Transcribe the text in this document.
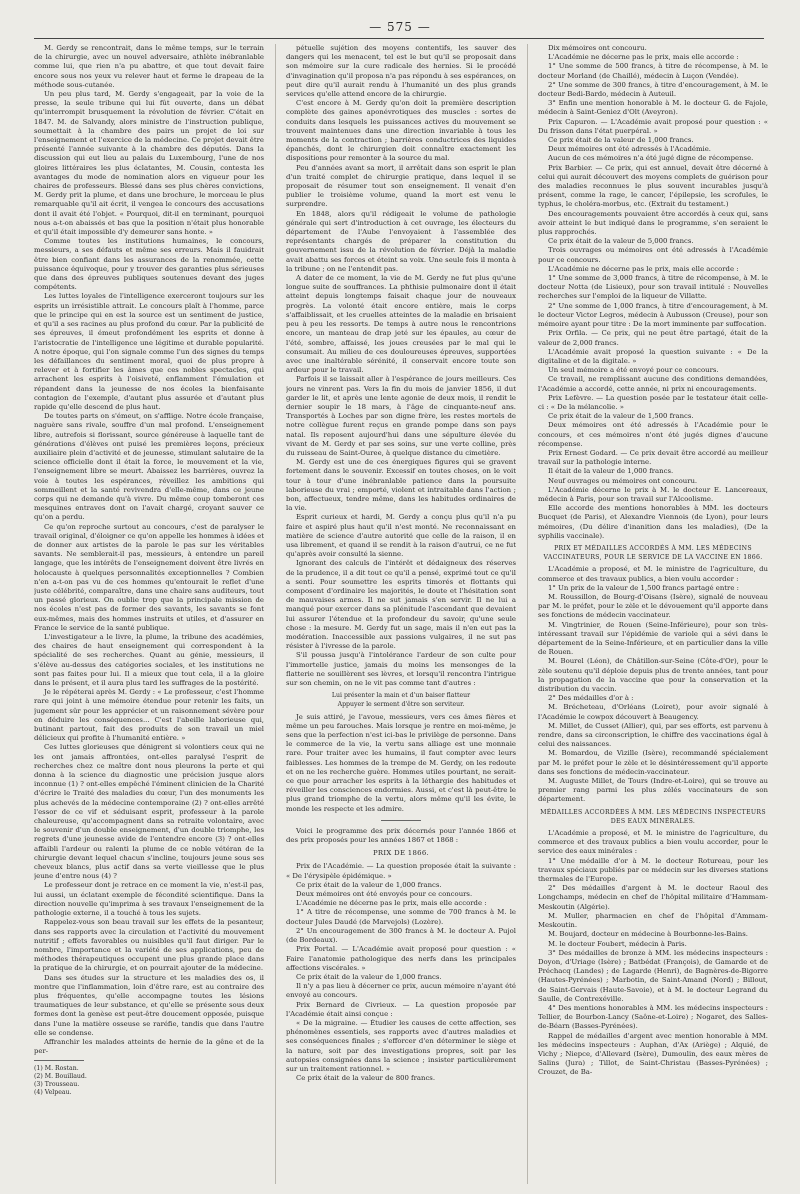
— 575 —

M. Gerdy se rencontrait, dans le même temps, sur le terrain de la chirurgie, avec un nouvel adversaire, athlète inébranlable comme lui, que rien n'a pu abattre, et que tout devait faire encore sous nos yeux vu relever haut et ferme le drapeau de la méthode sous-cutanée.

Un peu plus tard, M. Gerdy s'engageait, par la voie de la presse, la seule tribune qui lui fût ouverte, dans un débat qu'interrompit brusquement la révolution de février. C'était en 1847. M. de Salvandy, alors ministre de l'instruction publique, soumettait à la chambre des pairs un projet de loi sur l'enseignement et l'exercice de la médecine. Ce projet devait être présenté l'année suivante à la chambre des députés. Dans la discussion qui eut lieu au palais du Luxembourg, l'une de nos gloires littéraires les plus éclatantes, M. Cousin, contesta les avantages du mode de nomination alors en vigueur pour les chaires de professeurs. Blessé dans ses plus chères convictions, M. Gerdy prit la plume, et dans une brochure, le morceau le plus remarquable qu'il ait écrit, il vengea le concours des accusations dont il avait été l'objet. « Pourquoi, dit-il en terminant, pourquoi nous a-t-on abaissés et bas que la position n'était plus honorable et qu'il était impossible d'y demeurer sans honte. »

Comme toutes les institutions humaines, le concours, messieurs, a ses défauts et même ses erreurs. Mais il fauidrait être bien confiant dans les assurances de la renommée, cette puissance équivoque, pour y trouver des garanties plus sérieuses que dans des épreuves publiques soutenues devant des juges compétents.

Les luttes loyales de l'intelligence exerceront toujours sur les esprits un irrésistible attrait. Le concours plaît à l'homme, parce que le principe qui en est la source est un sentiment de justice, et qu'il a ses racines au plus profond du cœur. Par la publicité de ses épreuves, il émeut profondément les esprits et donne à l'aristocratie de l'intelligence une légitime et durable popularité. A notre époque, qui l'on signale comme l'un des signes du temps les défaillances du sentiment moral, quoi de plus propre à relever et à fortifier les âmes que ces nobles spectacles, qui arrachent les esprits à l'oisiveté, enflamment l'émulation et répandent dans la jeunesse de nos écoles la bienfaisante contagion de l'exemple, d'autant plus assurée et d'autant plus rapide qu'elle descend de plus haut.

De toutes parts on s'émeut, on s'afflige. Notre école française, naguère sans rivale, souffre d'un mal profond. L'enseignement libre, autrefois si florissant, source généreuse à laquelle tant de générations d'élèves ont puisé les premières leçons, précieux auxiliaire plein d'activité et de jeunesse, stimulant salutaire de la science officielle dont il était la force, le mouvement et la vie, l'enseignement libre se meurt. Abaissez les barrières, ouvrez la voie à toutes les espérances, réveillez les ambitions qui sommeillent et la santé revivendra d'elle-même, dans ce jeune corps qui ne demande qu'à vivre. Du même coup tomberont ces mesquines entraves dont on l'avait chargé, croyant sauver ce qu'on a perdu.

Ce qu'on reproche surtout au concours, c'est de paralyser le travail original, d'éloigner ce qu'on appelle les hommes à idées et de donner aux artistes de la parole le pas sur les véritables savants. Ne semblerait-il pas, messieurs, à entendre un pareil langage, que les intérêts de l'enseignement doivent être livrés en holocauste à quelques personnalités exceptionnelles ? Combien n'en a-t-on pas vu de ces hommes qu'entourait le reflet d'une juste célébrité, comparaître, dans une chaire sans auditeurs, tout un passé glorieux. On oublie trop que la principale mission de nos écoles n'est pas de former des savants, les savants se font eux-mêmes, mais des hommes instruits et utiles, et d'assurer en France le service de la santé publique.

L'investigateur a le livre, la plume, la tribune des académies, des chaires de haut enseignement qui correspondent à la spécialité de ses recherches. Quant au génie, messieurs, il s'élève au-dessus des catégories sociales, et les institutions ne sont pas faites pour lui. Il a mieux que tout cela, il a la gloire dans le présent, et il aura plus tard les suffrages de la postérité.

Je le répéterai après M. Gerdy : « Le professeur, c'est l'homme rare qui joint à une mémoire étendue pour retenir les faits, un jugement sûr pour les apprécier et un raisonnement sévère pour en déduire les conséquences... C'est l'abeille laborieuse qui, butinant partout, fait des produits de son travail un miel délicieux qui profite à l'humanité entière. »

Ces luttes glorieuses que dénigrent si volontiers ceux qui ne les ont jamais affrontées, ont-elles paralysé l'esprit de recherches chez ce maître dont nous pleurons la perte et qui donna à la science du diagnostic une précision jusque alors inconnue (1) ? ont-elles empêché l'éminent clinicien de la Charité d'écrire le Traité des maladies du cœur, l'un des monuments les plus achevés de la médecine contemporaine (2) ? ont-elles arrêté l'essor de ce vif et séduisant esprit, professeur à la parole chaleureuse, qu'accompagnent dans sa retraite volontaire, avec le souvenir d'un double enseignement, d'un double triomphe, les regrets d'une jeunesse avide de l'entendre encore (3) ? ont-elles affaibli l'ardeur ou ralenti la plume de ce noble vétéran de la chirurgie devant lequel chacun s'incline, toujours jeune sous ses cheveux blancs, plus actif dans sa verte vieillesse que le plus jeune d'entre nous (4) ?

Le professeur dont je retrace en ce moment la vie, n'est-il pas, lui aussi, un éclatant exemple de fécondité scientifique. Dans la direction nouvelle qu'imprima à ses travaux l'enseignement de la pathologie externe, il a touché à tous les sujets.

Rappelez-vous son beau travail sur les effets de la pesanteur, dans ses rapports avec la circulation et l'activité du mouvement nutritif ; effets favorables ou nuisibles qu'il faut diriger. Par le nombre, l'importance et la variété de ses applications, peu de méthodes thérapeutiques occupent une plus grande place dans la pratique de la chirurgie, et on pourrait ajouter de la médecine.

Dans ses études sur la structure et les maladies des os, il montre que l'inflammation, loin d'être rare, est au contraire des plus fréquentes, qu'elle accompagne toutes les lésions traumatiques de leur substance, et qu'elle se présente sous deux formes dont la genèse est peut-être doucement opposée, puisque dans l'une la matière osseuse se raréfie, tandis que dans l'autre elle se condense.

Affranchir les malades atteints de hernie de la gêne et de la per-

(1) M. Rostan.
(2) M. Bouillaud.
(3) Trousseau.
(4) Velpeau.

pétuelle sujétion des moyens contentifs, les sauver des dangers qui les menacent, tel est le but qu'il se proposait dans son mémoire sur la cure radicale des hernies. Si le procédé d'invagination qu'il proposa n'a pas répondu à ses espérances, on peut dire qu'il aurait rendu à l'humanité un des plus grands services qu'elle attend encore de la chirurgie.

C'est encore à M. Gerdy qu'on doit la première description complète des gaines aponévrotiques des muscles : sortes de conduits dans lesquels les puissances actives du mouvement se trouvent maintenues dans une direction invariable à tous les moments de la contraction ; barrières conductrices des liquides épanchés, dont le chirurgien doit connaître exactement les dispositions pour remonter à la source du mal.

Peu d'années avant sa mort, il arrêtait dans son esprit le plan d'un traité complet de chirurgie pratique, dans lequel il se proposait de résumer tout son enseignement. Il venait d'en publier le troisième volume, quand la mort est venu le surprendre.

En 1848, alors qu'il rédigeait le volume de pathologie générale qui sert d'introduction à cet ouvrage, les électeurs du département de l'Aube l'envoyaient à l'assemblée des représentants chargés de préparer la constitution du gouvernement issu de la révolution de février. Déjà la maladie avait abattu ses forces et éteint sa voix. Une seule fois il monta à la tribune ; on ne l'entendit pas.

A dater de ce moment, la vie de M. Gerdy ne fut plus qu'une longue suite de souffrances. La phthisie pulmonaire dont il était atteint depuis longtemps faisait chaque jour de nouveaux progrès. La volonté était encore entière, mais le corps s'affaiblissait, et les cruelles atteintes de la maladie en brisaient peu à peu les ressorts. De temps à autre nous le rencontrions encore, un manteau de drap jeté sur les épaules, au cœur de l'été, sombre, affaissé, les joues creusées par le mal qui le consumait. Au milieu de ces douloureuses épreuves, supportées avec une inaltérable sérénité, il conservait encore toute son ardeur pour le travail.

Parfois il se laissait aller à l'espérance de jours meilleurs. Ces jours ne vinrent pas. Vers la fin du mois de janvier 1856, il dut garder le lit, et après une lente agonie de deux mois, il rendit le dernier soupir le 18 mars, à l'âge de cinquante-neuf ans. Transportés à Loches par son digne frère, les restes mortels de notre collègue furent reçus en grande pompe dans son pays natal. Ils reposent aujourd'hui dans une sépulture élevée du vivant de M. Gerdy et par ses soins, sur une verte colline, près du ruisseau de Saint-Ouree, à quelque distance du cimetière.

M. Gerdy est une de ces énergiques figures qui se gravent fortement dans le souvenir. Excessif en toutes choses, on le voit tour à tour d'une inébranlable patience dans la poursuite laborieuse du vrai ; emporté, violent et intraitable dans l'action ; bon, affectueux, tendre même, dans les habitudes ordinaires de la vie.

Esprit curieux et hardi, M. Gerdy a conçu plus qu'il n'a pu faire et aspiré plus haut qu'il n'est monté. Ne reconnaissant en matière de science d'autre autorité que celle de la raison, il en usa librement, et quand il se rendit à la raison d'autrui, ce ne fut qu'après avoir consulté la sienne.

Ignorant des calculs de l'intérêt et dédaigneux des réserves de la prudence, il a dit tout ce qu'il a pensé, exprimé tout ce qu'il a senti. Pour soumettre les esprits timorés et flottants qui composent d'ordinaire les majorités, le doute et l'hésitation sont de mauvaises armes. Il ne sut jamais s'en servir. Il ne lui a manqué pour exercer dans sa plénitude l'ascendant que devaient lui assurer l'étendue et la profondeur du savoir, qu'une seule chose : la mesure. M. Gerdy fut un sage, mais il n'en eut pas la modération. Inaccessible aux passions vulgaires, il ne sut pas résister à l'ivresse de la parole.

S'il poussa jusqu'à l'intolérance l'ardeur de son culte pour l'immortelle justice, jamais du moins les mensonges de la flatterie ne souillèrent ses lèvres, et lorsqu'il rencontra l'intrigue sur son chemin, on ne le vit pas comme tant d'autres :

Lui présenter la main et d'un baiser flatteur

Appuyer le serment d'être son serviteur.

Je suis attiré, je l'avoue, messieurs, vers ces âmes fières et même un peu farouches. Mais lorsque je rentre en moi-même, je sens que la perfection n'est ici-bas le privilège de personne. Dans le commerce de la vie, la vertu sans alliage est une monnaie rare. Pour traiter avec les humains, il faut compter avec leurs faiblesses. Les hommes de la trempe de M. Gerdy, on les redoute et on ne les recherche guère. Hommes utiles pourtant, ne serait-ce que pour arracher les esprits à la léthargie des habitudes et réveiller les consciences endormies. Aussi, et c'est là peut-être le plus grand triomphe de la vertu, alors même qu'il les évite, le monde les respecte et les admire.

Voici le programme des prix décernés pour l'année 1866 et des prix proposés pour les années 1867 et 1868 :

PRIX DE 1866.

Prix de l'Académie. — La question proposée était la suivante : « De l'érysipèle épidémique. »

Ce prix était de la valeur de 1,000 francs.

Deux mémoires ont été envoyés pour ce concours.

L'Académie ne décerne pas le prix, mais elle accorde :

1° A titre de récompense, une somme de 700 francs à M. le docteur Jules Daudé (de Marvejols) (Lozère).

2° Un encouragement de 300 francs à M. le docteur A. Pujol (de Bordeaux).

Prix Portal. — L'Académie avait proposé pour question : « Faire l'anatomie pathologique des nerfs dans les principales affections viscérales. »

Ce prix était de la valeur de 1,000 francs.

Il n'y a pas lieu à décerner ce prix, aucun mémoire n'ayant été envoyé au concours.

Prix Bernard de Civrieux. — La question proposée par l'Académie était ainsi conçue :

« De la migraine. — Étudier les causes de cette affection, ses phénomènes essentiels, ses rapports avec d'autres maladies et ses conséquences finales ; s'efforcer d'en déterminer le siège et la nature, soit par des investigations propres, soit par les autopsies consignées dans la science ; insister particulièrement sur un traitement rationnel. »

Ce prix était de la valeur de 800 francs.

Dix mémoires ont concouru.

L'Académie ne décerne pas le prix, mais elle accorde :

1° Une somme de 500 francs, à titre de récompense, à M. le docteur Morland (de Chaillé), médecin à Luçon (Vendée).

2° Une somme de 300 francs, à titre d'encouragement, à M. le docteur Bedi-Bardo, médecin à Auteuil.

3° Enfin une mention honorable à M. le docteur G. de Fajole, médecin à Saint-Geniez d'Olt (Aveyron).

Prix Capuron. — L'Académie avait proposé pour question : « Du frisson dans l'état puerpéral. »

Ce prix était de la valeur de 1,000 francs.

Deux mémoires ont été adressés à l'Académie.

Aucun de ces mémoires n'a été jugé digne de récompense.

Prix Barbier. — Ce prix, qui est annuel, devait être décerné à celui qui aurait découvert des moyens complets de guérison pour des maladies reconnues le plus souvent incurables jusqu'à présent, comme la rage, le cancer, l'épilepsie, les scrofules, le typhus, le choléra-morbus, etc. (Extrait du testament.)

Des encouragements pouvaient être accordés à ceux qui, sans avoir atteint le but indiqué dans le programme, s'en seraient le plus rapprochés.

Ce prix était de la valeur de 5,000 francs.

Trois ouvrages ou mémoires ont été adressés à l'Académie pour ce concours.

L'Académie ne décerne pas le prix, mais elle accorde :

1° Une somme de 3,000 francs, à titre de récompense, à M. le docteur Notta (de Lisieux), pour son travail intitulé : Nouvelles recherches sur l'emploi de la liqueur de Villatte.

2° Une somme de 1,000 francs, à titre d'encouragement, à M. le docteur Victor Legros, médecin à Aubusson (Creuse), pour son mémoire ayant pour titre : De la mort imminente par suffocation.

Prix Orfila. — Ce prix, qui ne peut être partagé, était de la valeur de 2,000 francs.

L'Académie avait proposé la question suivante : « De la digitaline et de la digitale. »

Un seul mémoire a été envoyé pour ce concours.

Ce travail, ne remplissant aucune des conditions demandées, l'Académie a accordé, cette année, ni prix ni encouragements.

Prix Lefèvre. — La question posée par le testateur était celle-ci : « De la mélancolie. »

Ce prix était de la valeur de 1,500 francs.

Deux mémoires ont été adressés à l'Académie pour le concours, et ces mémoires n'ont été jugés dignes d'aucune récompense.

Prix Ernest Godard. — Ce prix devait être accordé au meilleur travail sur la pathologie interne.

Il était de la valeur de 1,000 francs.

Neuf ouvrages ou mémoires ont concouru.

L'Académie décerne le prix à M. le docteur E. Lancereaux, médecin à Paris, pour son travail sur l'Alcoolisme.

Elle accorde des mentions honorables à MM. les docteurs Bucquet (de Paris), et Alexandre Viennois (de Lyon), pour leurs mémoires, (Du délire d'inanition dans les maladies), (De la syphilis vaccinale).

PRIX ET MÉDAILLES ACCORDÉS À MM. LES MÉDECINS VACCINATEURS, POUR LE SERVICE DE LA VACCINE EN 1866.

L'Académie a proposé, et M. le ministre de l'agriculture, du commerce et des travaux publics, a bien voulu accorder :

1° Un prix de la valeur de 1,500 francs partagé entre :

M. Roussillon, de Bourg-d'Oisans (Isère), signalé de nouveau par M. le préfet, pour le zèle et le dévouement qu'il apporte dans ses fonctions de médecin vaccinateur.

M. Vingtrinier, de Rouen (Seine-Inférieure), pour son très-intéressant travail sur l'épidémie de variole qui a sévi dans le département de la Seine-Inférieure, et en particulier dans la ville de Rouen.

M. Bourel (Léon), de Châtillon-sur-Seine (Côte-d'Or), pour le zèle soutenu qu'il déploie depuis plus de trente années, tant pour la propagation de la vaccine que pour la conservation et la distribution du vaccin.

2° Des médailles d'or à :

M. Brécheteau, d'Orléans (Loiret), pour avoir signalé à l'Académie le cowpox découvert à Beaugency.

M. Millet, de Cusset (Allier), qui, par ses efforts, est parvenu à rendre, dans sa circonscription, le chiffre des vaccinations égal à celui des naissances.

M. Bomardou, de Vizille (Isère), recommandé spécialement par M. le préfet pour le zèle et le désintéressement qu'il apporte dans ses fonctions de médecin-vaccinateur.

M. Auguste Millet, de Tours (Indre-et-Loire), qui se trouve au premier rang parmi les plus zélés vaccinateurs de son département.

MÉDAILLES ACCORDÉES À MM. LES MÉDECINS INSPECTEURS DES EAUX MINÉRALES.

L'Académie a proposé, et M. le ministre de l'agriculture, du commerce et des travaux publics a bien voulu accorder, pour le service des eaux minérales :

1° Une médaille d'or à M. le docteur Rotureau, pour les travaux spéciaux publiés par ce médecin sur les diverses stations thermales de l'Europe.

2° Des médailles d'argent à M. le docteur Raoul des Longchamps, médecin en chef de l'hôpital militaire d'Hammam-Meskoutin (Algérie).

M. Muller, pharmacien en chef de l'hôpital d'Ammam-Meskoutin.

M. Boujard, docteur en médecine à Bourbonne-les-Bains.

M. le docteur Foubert, médecin à Paris.

3° Des médailles de bronze à MM. les médecins inspecteurs : Doyon, d'Uriage (Isère) ; Batbédat (François), de Gamarde et de Préchacq (Landes) ; de Lagarde (Henri), de Bagnères-de-Bigorre (Hautes-Pyrénées) ; Marbotin, de Saint-Amand (Nord) ; Billout, de Saint-Gervais (Haute-Savoie), et à M. le docteur Legrand du Saulle, de Contrexéville.

4° Des mentions honorables à MM. les médecins inspecteurs : Tellier, de Bourbon-Lancy (Saône-et-Loire) ; Nogaret, des Salles-de-Béarn (Basses-Pyrénées).

Rappel de médailles d'argent avec mention honorable à MM. les médecins inspecteurs : Auphan, d'Ax (Ariège) ; Alquié, de Vichy ; Niepce, d'Allevard (Isère), Dumoulin, des eaux mères de Salins (Jura) ; Tillot, de Saint-Christau (Basses-Pyrénées) ; Crouzet, de Ba-
